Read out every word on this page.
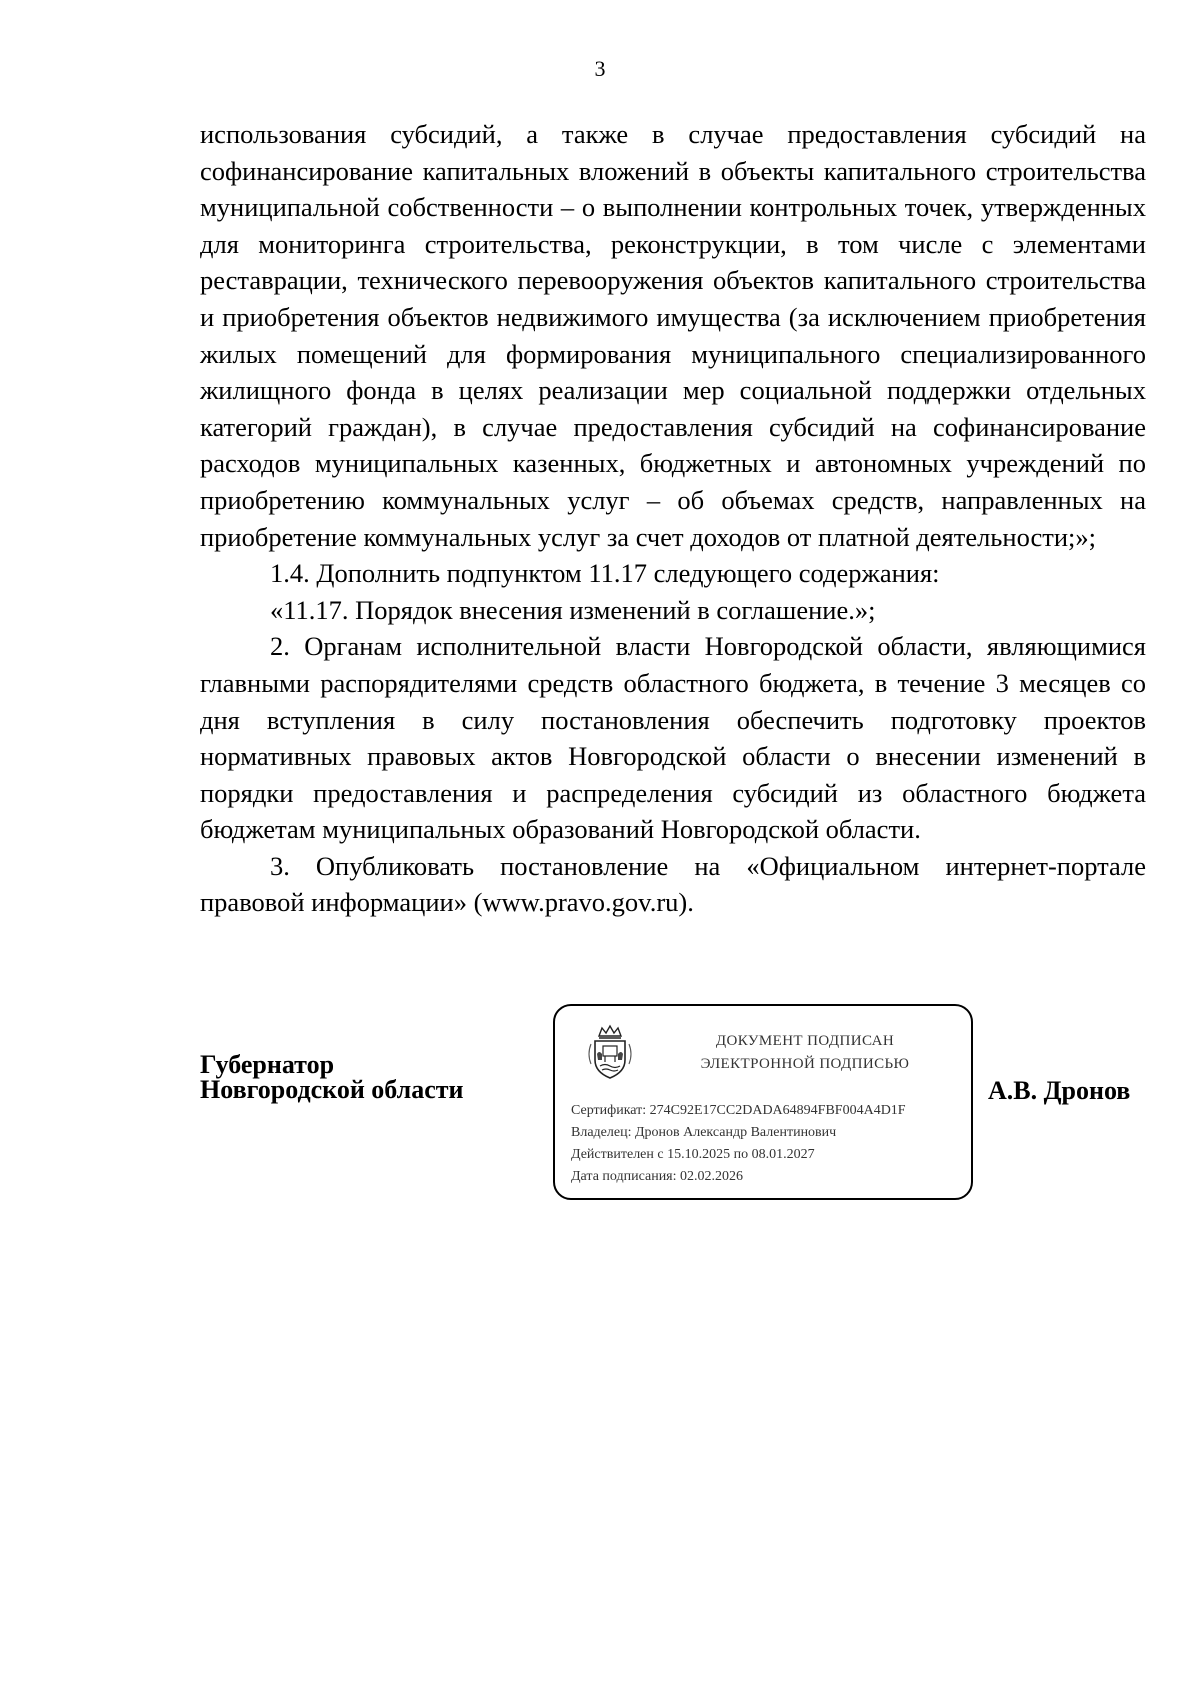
3

использования субсидий, а также в случае предоставления субсидий на софинансирование капитальных вложений в объекты капитального строительства муниципальной собственности – о выполнении контрольных точек, утвержденных для мониторинга строительства, реконструкции, в том числе с элементами реставрации, технического перевооружения объектов капитального строительства и приобретения объектов недвижимого имущества (за исключением приобретения жилых помещений для формирования муниципального специализированного жилищного фонда в целях реализации мер социальной поддержки отдельных категорий граждан), в случае предоставления субсидий на софинансирование расходов муниципальных казенных, бюджетных и автономных учреждений по приобретению коммунальных услуг – об объемах средств, направленных на приобретение коммунальных услуг за счет доходов от платной деятельности;»;

1.4. Дополнить подпунктом 11.17 следующего содержания:

«11.17. Порядок внесения изменений в соглашение.»;

2. Органам исполнительной власти Новгородской области, являющимися главными распорядителями средств областного бюджета, в течение 3 месяцев со дня вступления в силу постановления обеспечить подготовку проектов нормативных правовых актов Новгородской области о внесении изменений в порядки предоставления и распределения субсидий из областного бюджета бюджетам муниципальных образований Новгородской области.

3. Опубликовать постановление на «Официальном интернет-портале правовой информации» (www.pravo.gov.ru).

Губернатор
Новгородской области
ДОКУМЕНТ ПОДПИСАН
ЭЛЕКТРОННОЙ ПОДПИСЬЮ
Сертификат: 274C92E17CC2DADA64894FBF004A4D1F
Владелец: Дронов Александр Валентинович
Действителен с 15.10.2025 по 08.01.2027
Дата подписания: 02.02.2026
А.В. Дронов
